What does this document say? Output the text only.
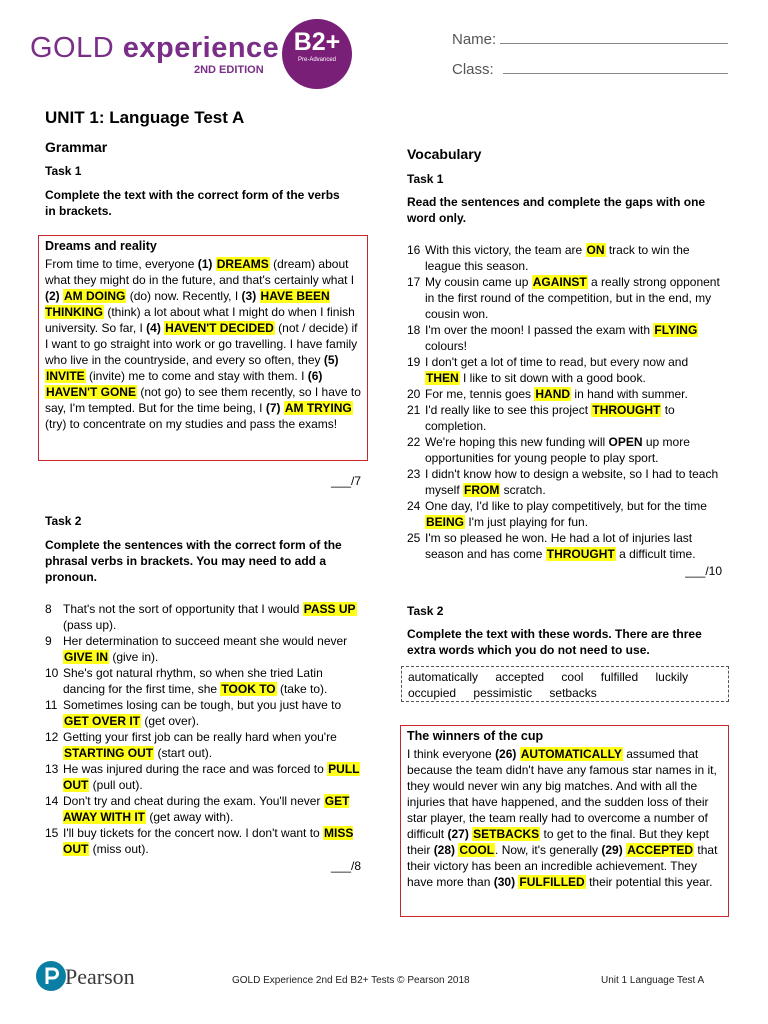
GOLD experience
2ND EDITION
B2+
Pre-Advanced
Name:
Class:
UNIT 1: Language Test A
Grammar
Task 1
Complete the text with the correct form of the verbs in brackets.
Dreams and reality
From time to time, everyone (1) DREAMS (dream) about what they might do in the future, and that's certainly what I (2) AM DOING (do) now. Recently, I (3) HAVE BEEN THINKING (think) a lot about what I might do when I finish university. So far, I (4) HAVEN'T DECIDED (not / decide) if I want to go straight into work or go travelling. I have family who live in the countryside, and every so often, they (5) INVITE (invite) me to come and stay with them. I (6) HAVEN'T GONE (not go) to see them recently, so I have to say, I'm tempted. But for the time being, I (7) AM TRYING (try) to concentrate on my studies and pass the exams!
___/7
Task 2
Complete the sentences with the correct form of the phrasal verbs in brackets. You may need to add a pronoun.
8 That's not the sort of opportunity that I would PASS UP (pass up).
9 Her determination to succeed meant she would never GIVE IN (give in).
10 She's got natural rhythm, so when she tried Latin dancing for the first time, she TOOK TO (take to).
11 Sometimes losing can be tough, but you just have to GET OVER IT (get over).
12 Getting your first job can be really hard when you're STARTING OUT (start out).
13 He was injured during the race and was forced to PULL OUT (pull out).
14 Don't try and cheat during the exam. You'll never GET AWAY WITH IT (get away with).
15 I'll buy tickets for the concert now. I don't want to MISS OUT (miss out).
___/8
Vocabulary
Task 1
Read the sentences and complete the gaps with one word only.
16 With this victory, the team are ON track to win the league this season.
17 My cousin came up AGAINST a really strong opponent in the first round of the competition, but in the end, my cousin won.
18 I'm over the moon! I passed the exam with FLYING colours!
19 I don't get a lot of time to read, but every now and THEN I like to sit down with a good book.
20 For me, tennis goes HAND in hand with summer.
21 I'd really like to see this project THROUGHT to completion.
22 We're hoping this new funding will OPEN up more opportunities for young people to play sport.
23 I didn't know how to design a website, so I had to teach myself FROM scratch.
24 One day, I'd like to play competitively, but for the time BEING I'm just playing for fun.
25 I'm so pleased he won. He had a lot of injuries last season and has come THROUGHT a difficult time.
___/10
Task 2
Complete the text with these words. There are three extra words which you do not need to use.
automatically accepted cool fulfilled luckily
occupied pessimistic setbacks
The winners of the cup
I think everyone (26) AUTOMATICALLY assumed that because the team didn't have any famous star names in it, they would never win any big matches. And with all the injuries that have happened, and the sudden loss of their star player, the team really had to overcome a number of difficult (27) SETBACKS to get to the final. But they kept their (28) COOL. Now, it's generally (29) ACCEPTED that their victory has been an incredible achievement. They have more than (30) FULFILLED their potential this year.
Pearson	GOLD Experience 2nd Ed B2+ Tests © Pearson 2018	Unit 1 Language Test A
